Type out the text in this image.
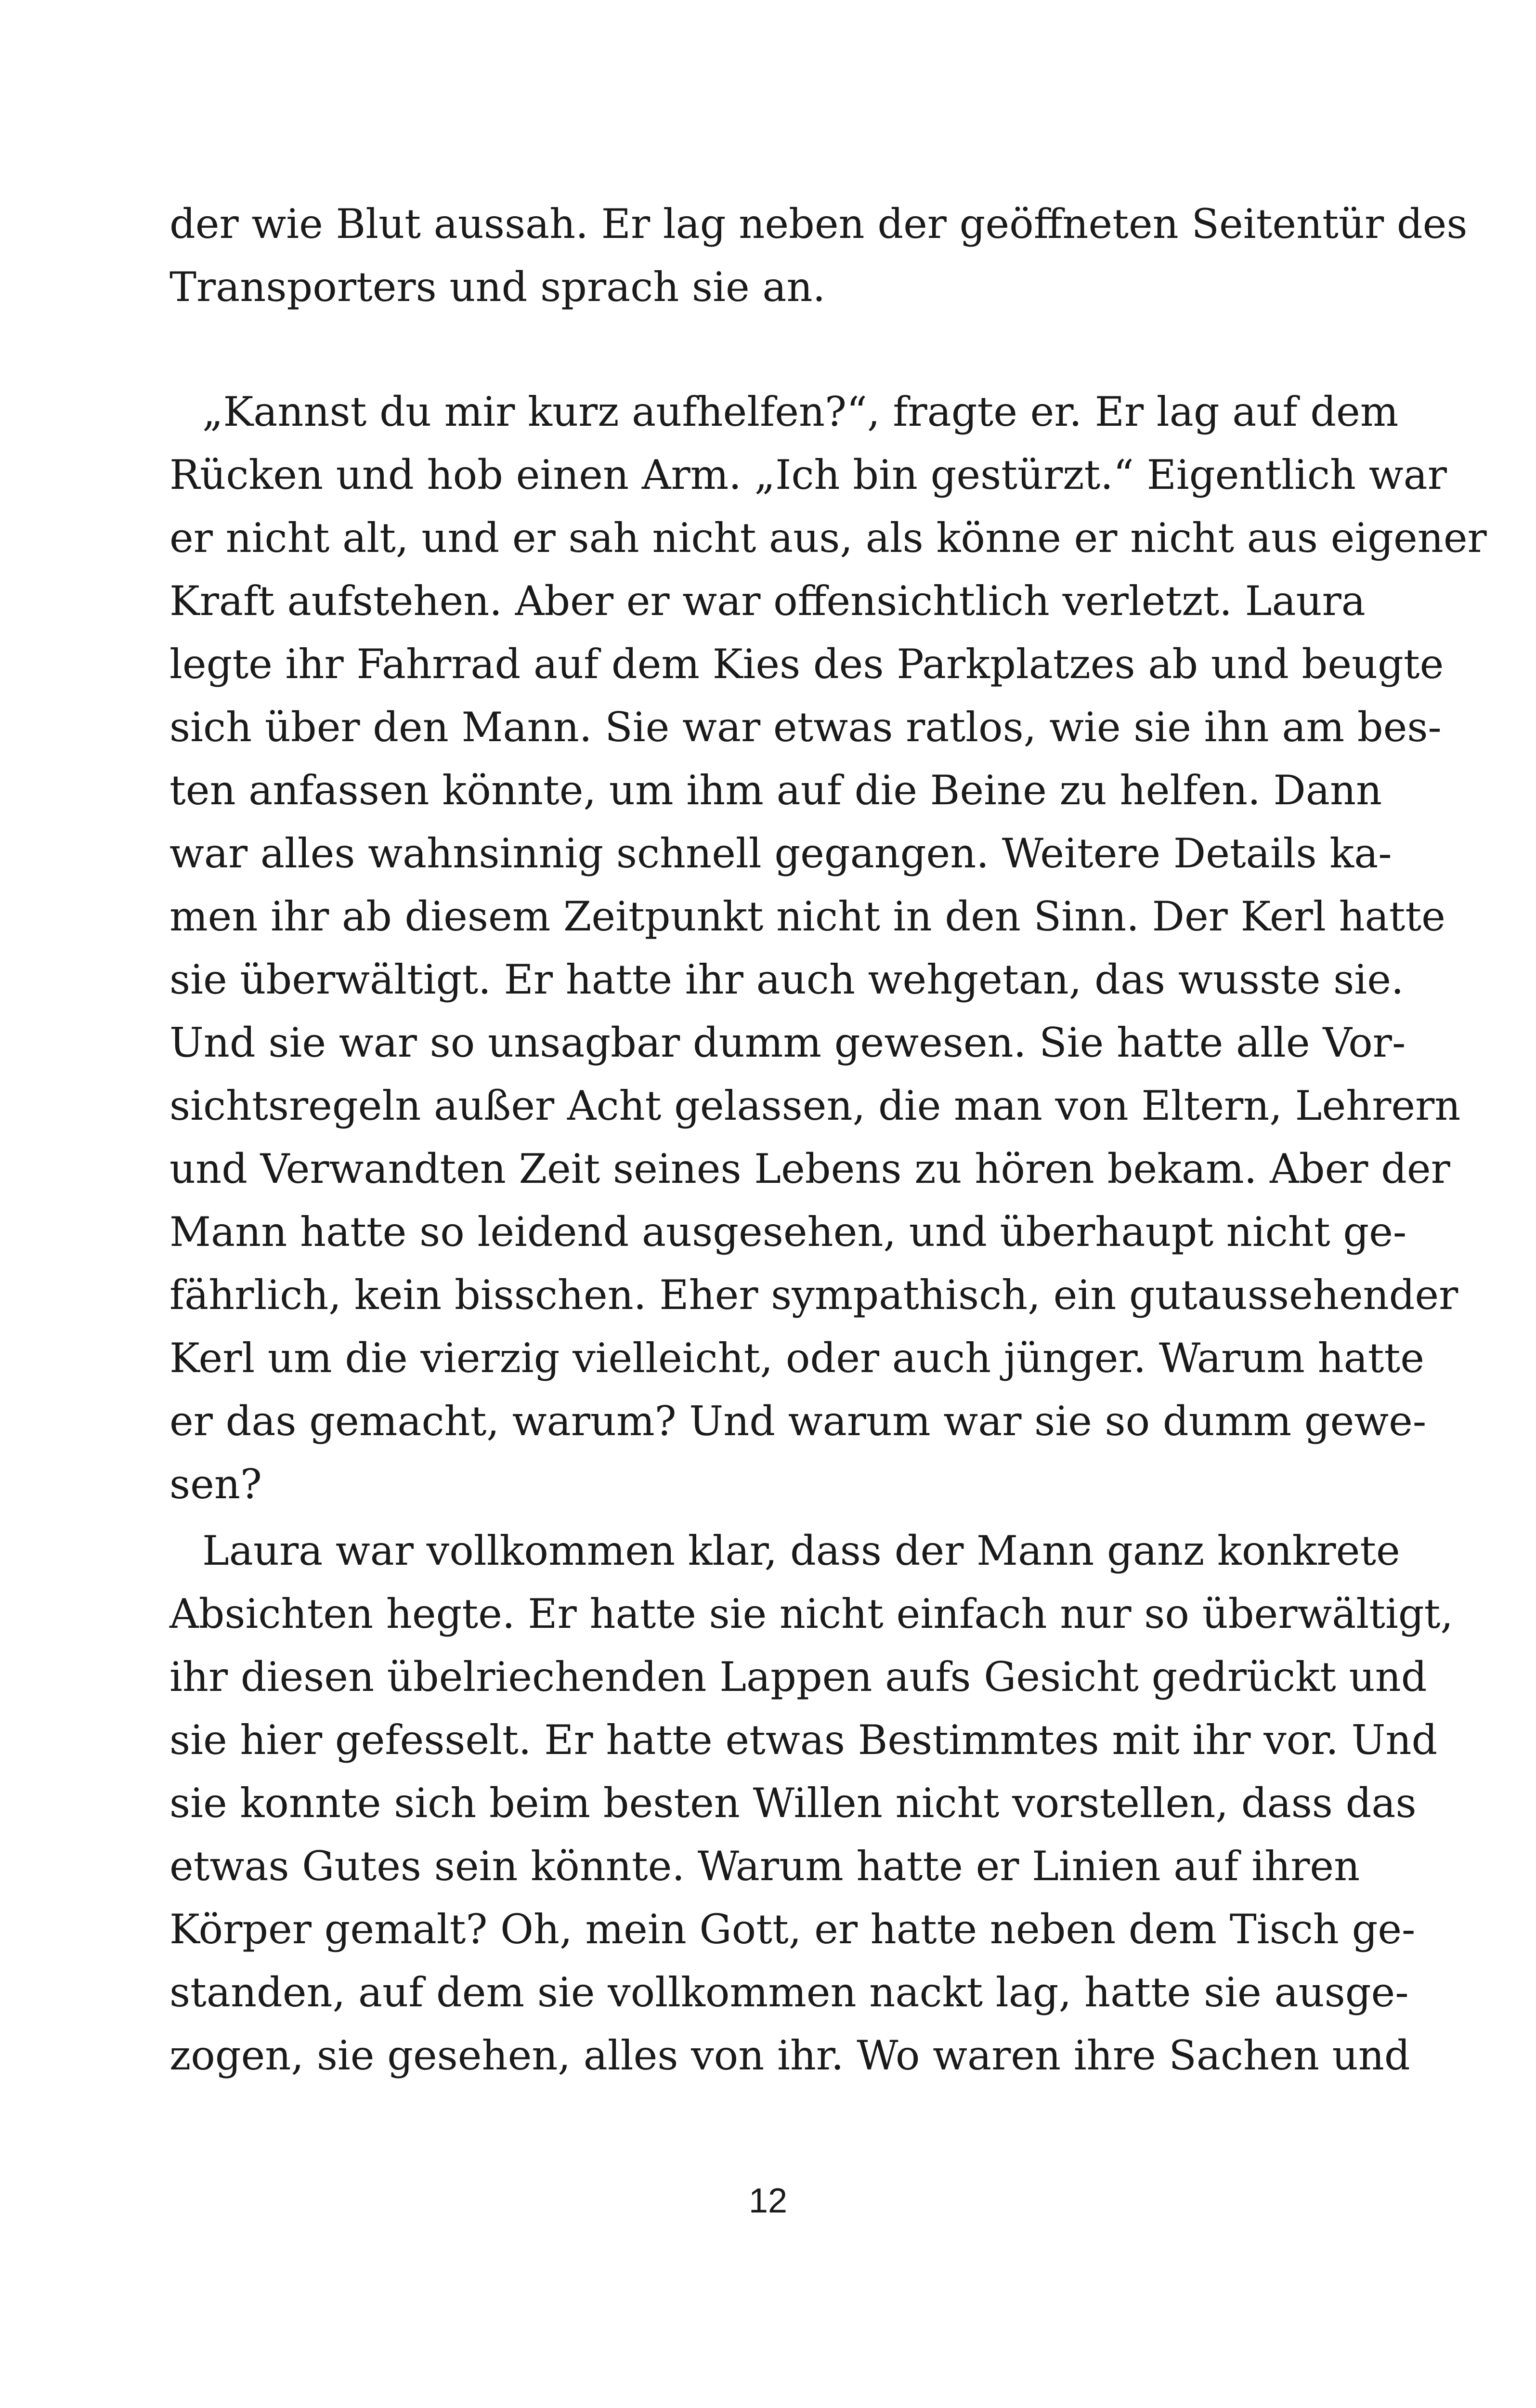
der wie Blut aussah. Er lag neben der geöffneten Seitentür des
Transporters und sprach sie an.
„Kannst du mir kurz aufhelfen?“, fragte er. Er lag auf dem
Rücken und hob einen Arm. „Ich bin gestürzt.“ Eigentlich war
er nicht alt, und er sah nicht aus, als könne er nicht aus eigener
Kraft aufstehen. Aber er war offensichtlich verletzt. Laura
legte ihr Fahrrad auf dem Kies des Parkplatzes ab und beugte
sich über den Mann. Sie war etwas ratlos, wie sie ihn am bes-
ten anfassen könnte, um ihm auf die Beine zu helfen. Dann
war alles wahnsinnig schnell gegangen. Weitere Details ka-
men ihr ab diesem Zeitpunkt nicht in den Sinn. Der Kerl hatte
sie überwältigt. Er hatte ihr auch wehgetan, das wusste sie.
Und sie war so unsagbar dumm gewesen. Sie hatte alle Vor-
sichtsregeln außer Acht gelassen, die man von Eltern, Lehrern
und Verwandten Zeit seines Lebens zu hören bekam. Aber der
Mann hatte so leidend ausgesehen, und überhaupt nicht ge-
fährlich, kein bisschen. Eher sympathisch, ein gutaussehender
Kerl um die vierzig vielleicht, oder auch jünger. Warum hatte
er das gemacht, warum? Und warum war sie so dumm gewe-
sen?
Laura war vollkommen klar, dass der Mann ganz konkrete
Absichten hegte. Er hatte sie nicht einfach nur so überwältigt,
ihr diesen übelriechenden Lappen aufs Gesicht gedrückt und
sie hier gefesselt. Er hatte etwas Bestimmtes mit ihr vor. Und
sie konnte sich beim besten Willen nicht vorstellen, dass das
etwas Gutes sein könnte. Warum hatte er Linien auf ihren
Körper gemalt? Oh, mein Gott, er hatte neben dem Tisch ge-
standen, auf dem sie vollkommen nackt lag, hatte sie ausge-
zogen, sie gesehen, alles von ihr. Wo waren ihre Sachen und
12
